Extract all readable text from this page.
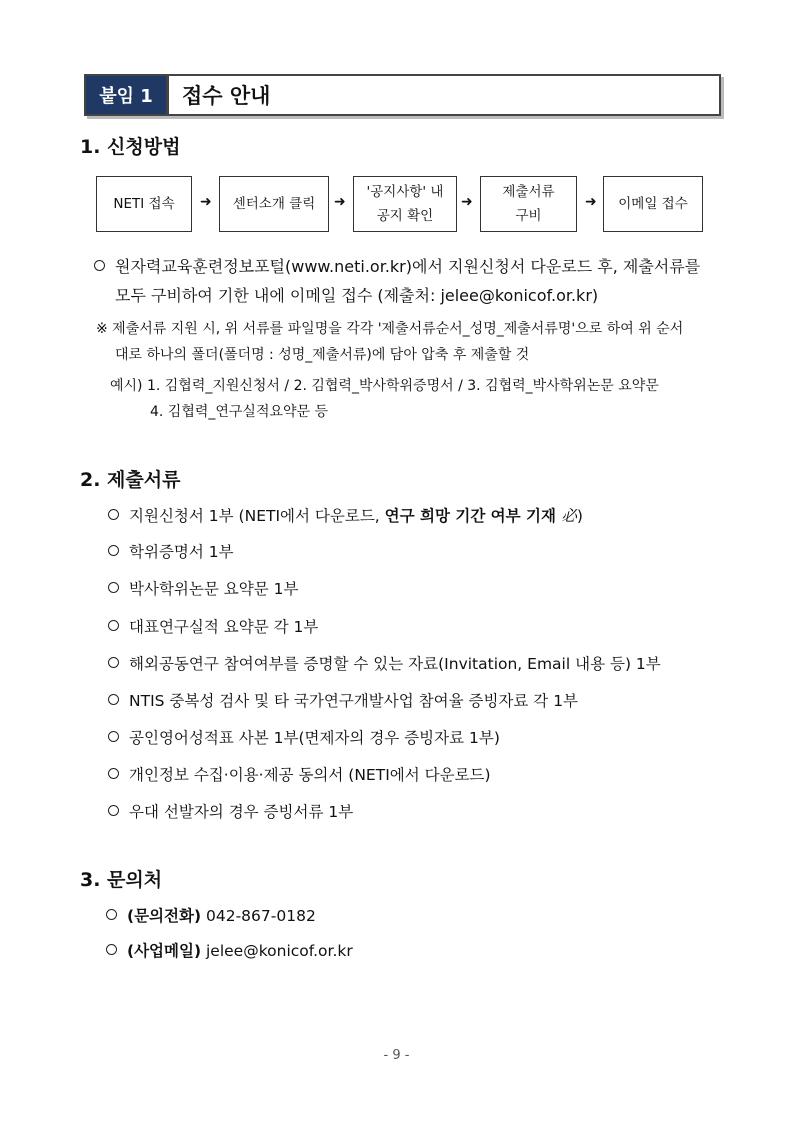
붙임 1	접수 안내
1. 신청방법
NETI 접속	➜	센터소개 클릭	➜
'공지사항' 내
공지 확인
➜
제출서류
구비
➜	이메일 접수
원자력교육훈련정보포털(www.neti.or.kr)에서 지원신청서 다운로드 후, 제출서류를
모두 구비하여 기한 내에 이메일 접수 (제출처: jelee@konicof.or.kr)
※ 제출서류 지원 시, 위 서류를 파일명을 각각 '제출서류순서_성명_제출서류명'으로 하여 위 순서
대로 하나의 폴더(폴더명 : 성명_제출서류)에 담아 압축 후 제출할 것
예시) 1. 김협력_지원신청서 / 2. 김협력_박사학위증명서 / 3. 김협력_박사학위논문 요약문
4. 김협력_연구실적요약문 등
2. 제출서류
지원신청서 1부 (NETI에서 다운로드, 연구 희망 기간 여부 기재 必)
학위증명서 1부
박사학위논문 요약문 1부
대표연구실적 요약문 각 1부
해외공동연구 참여여부를 증명할 수 있는 자료(Invitation, Email 내용 등) 1부
NTIS 중복성 검사 및 타 국가연구개발사업 참여율 증빙자료 각 1부
공인영어성적표 사본 1부(면제자의 경우 증빙자료 1부)
개인정보 수집·이용·제공 동의서 (NETI에서 다운로드)
우대 선발자의 경우 증빙서류 1부
3. 문의처
(문의전화) 042-867-0182
(사업메일) jelee@konicof.or.kr
- 9 -
